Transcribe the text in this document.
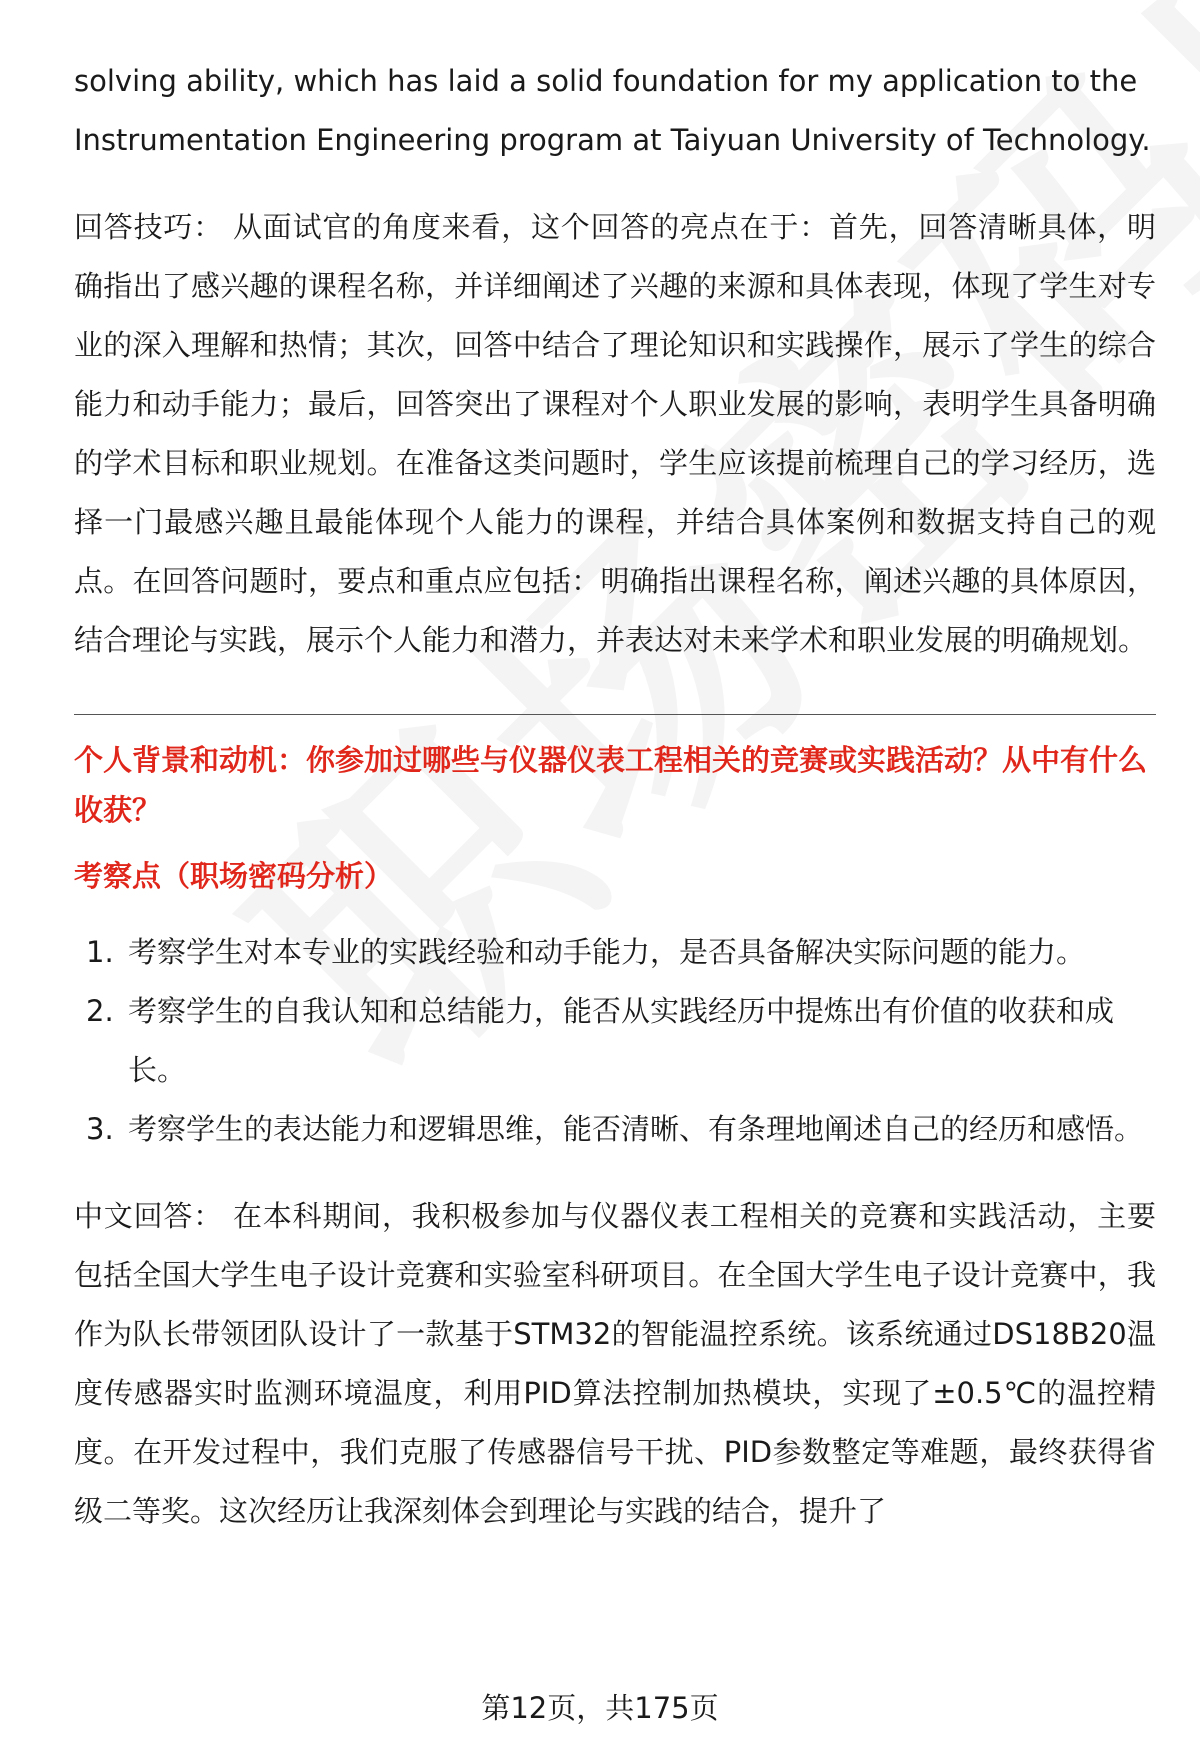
solving ability, which has laid a solid foundation for my application to the

Instrumentation Engineering program at Taiyuan University of Technology.

回答技巧： 从面试官的角度来看，这个回答的亮点在于：首先，回答清晰具体，明确指出了感兴趣的课程名称，并详细阐述了兴趣的来源和具体表现，体现了学生对专业的深入理解和热情；其次，回答中结合了理论知识和实践操作，展示了学生的综合能力和动手能力；最后，回答突出了课程对个人职业发展的影响，表明学生具备明确的学术目标和职业规划。在准备这类问题时，学生应该提前梳理自己的学习经历，选择一门最感兴趣且最能体现个人能力的课程，并结合具体案例和数据支持自己的观点。在回答问题时，要点和重点应包括：明确指出课程名称，阐述兴趣的具体原因，结合理论与实践，展示个人能力和潜力，并表达对未来学术和职业发展的明确规划。

个人背景和动机：你参加过哪些与仪器仪表工程相关的竞赛或实践活动？从中有什么收获？

考察点（职场密码分析）

1. 考察学生对本专业的实践经验和动手能力，是否具备解决实际问题的能力。
2. 考察学生的自我认知和总结能力，能否从实践经历中提炼出有价值的收获和成长。
3. 考察学生的表达能力和逻辑思维，能否清晰、有条理地阐述自己的经历和感悟。

中文回答： 在本科期间，我积极参加与仪器仪表工程相关的竞赛和实践活动，主要包括全国大学生电子设计竞赛和实验室科研项目。在全国大学生电子设计竞赛中，我作为队长带领团队设计了一款基于STM32的智能温控系统。该系统通过DS18B20温度传感器实时监测环境温度，利用PID算法控制加热模块，实现了±0.5℃的温控精度。在开发过程中，我们克服了传感器信号干扰、PID参数整定等难题，最终获得省级二等奖。这次经历让我深刻体会到理论与实践的结合，提升了

第12页，共175页
